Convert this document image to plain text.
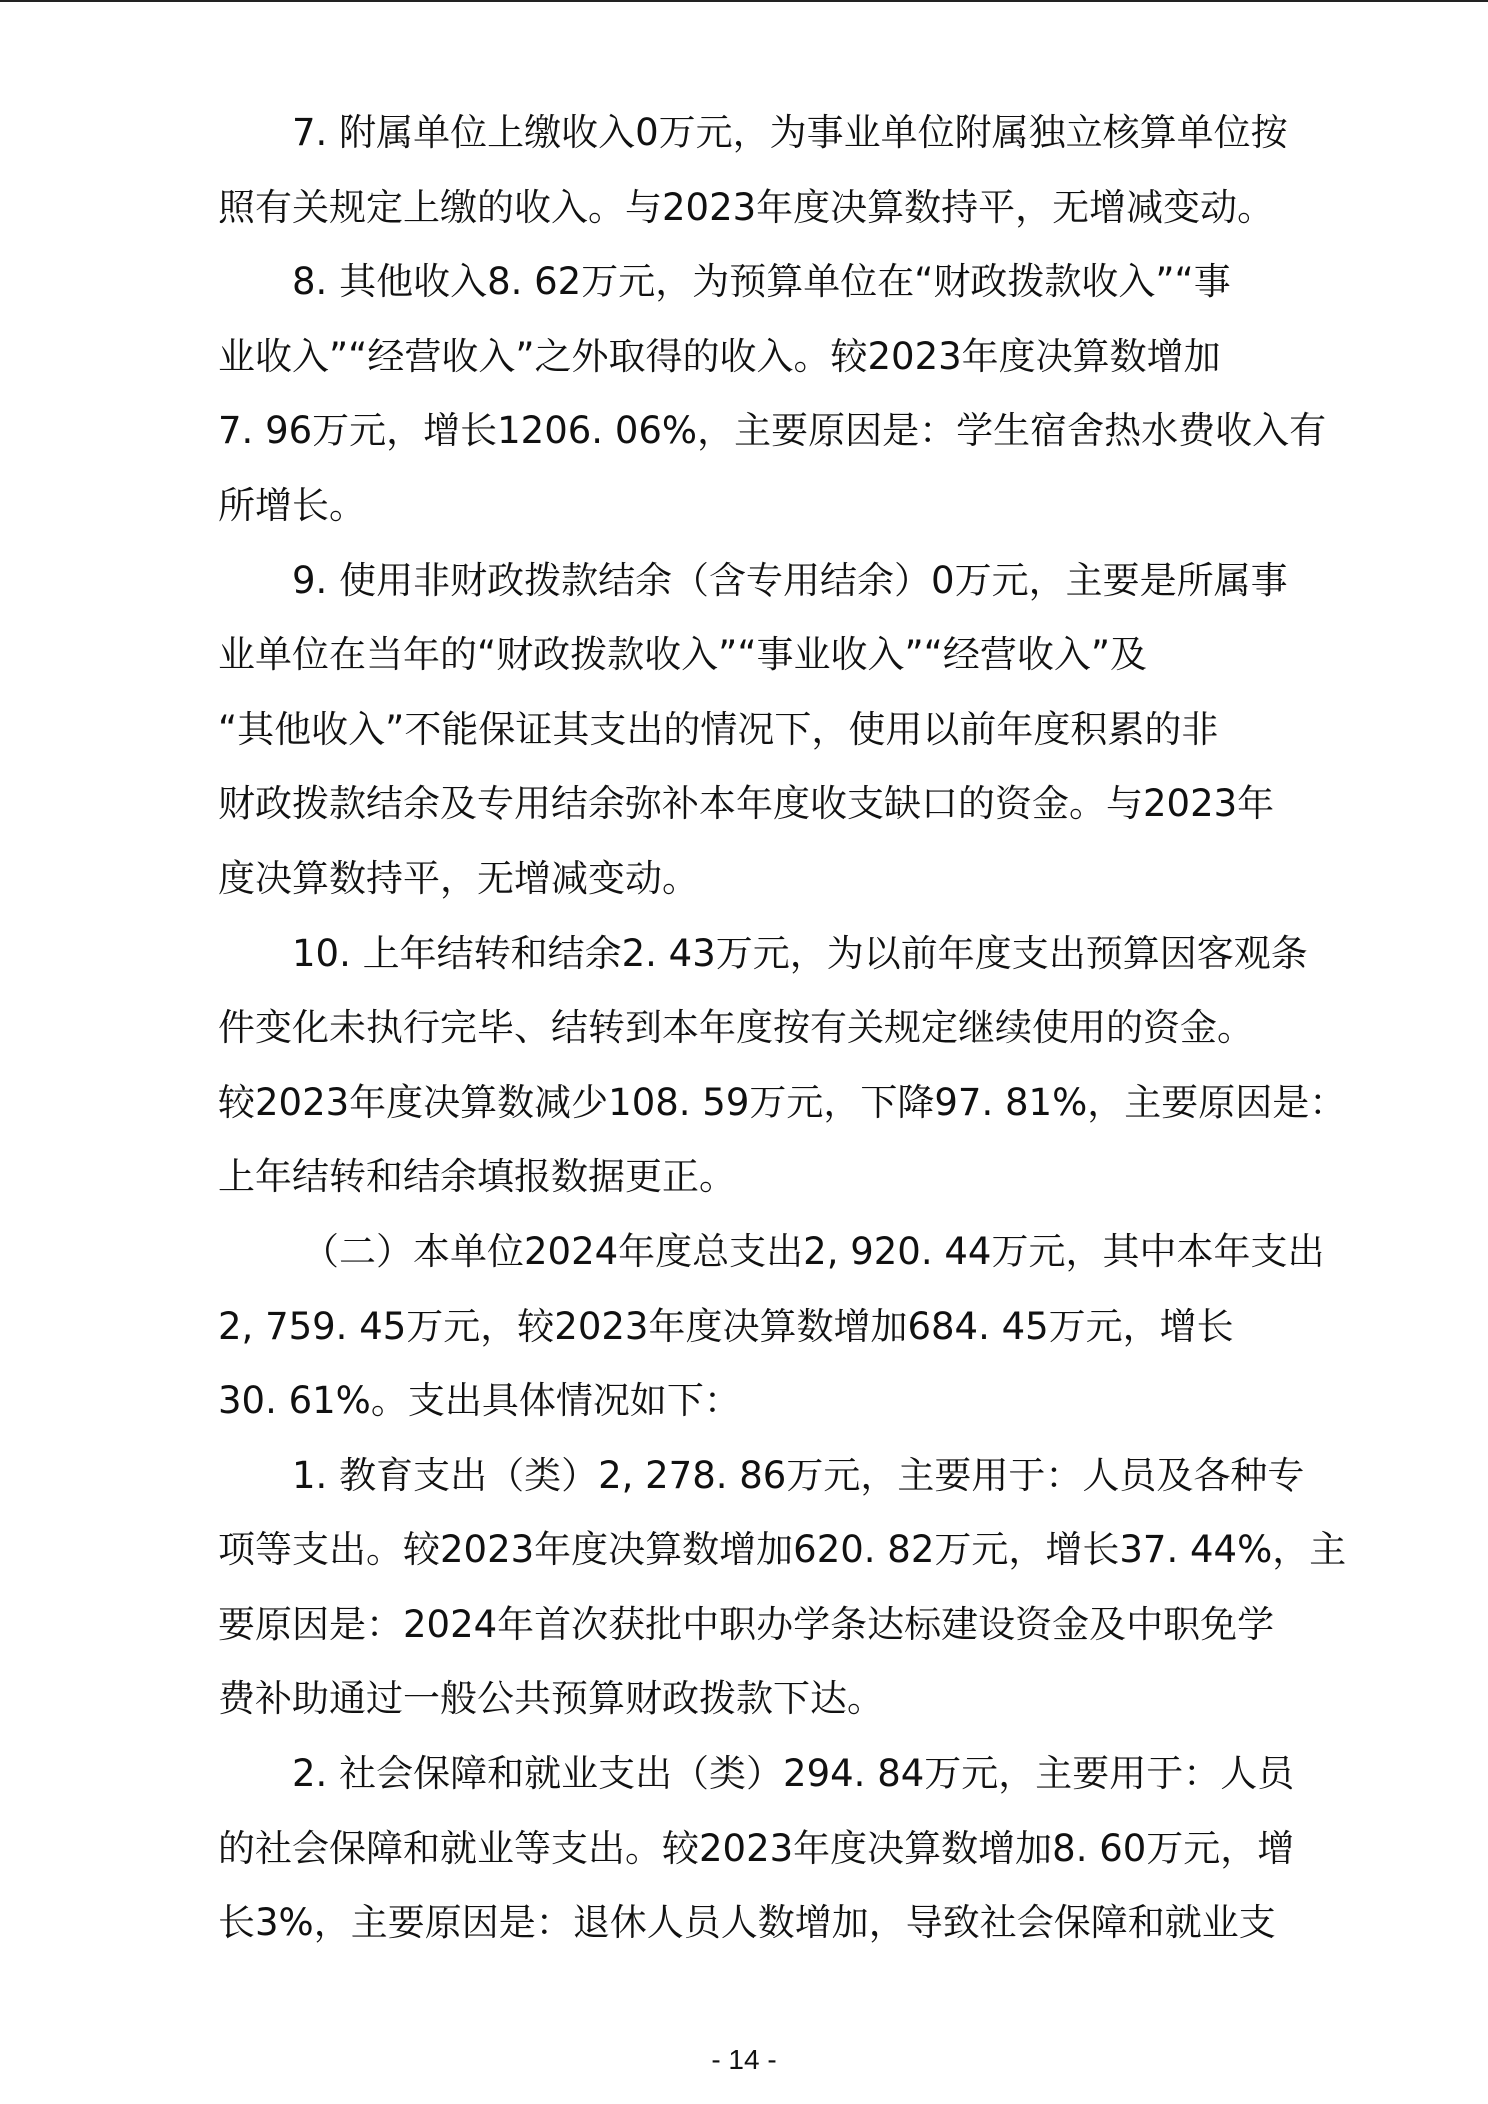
7. 附属单位上缴收入0万元，为事业单位附属独立核算单位按
照有关规定上缴的收入。与2023年度决算数持平，无增减变动。

8. 其他收入8. 62万元，为预算单位在“财政拨款收入”“事
业收入”“经营收入”之外取得的收入。较2023年度决算数增加
7. 96万元，增长1206. 06%，主要原因是：学生宿舍热水费收入有
所增长。

9. 使用非财政拨款结余（含专用结余）0万元，主要是所属事
业单位在当年的“财政拨款收入”“事业收入”“经营收入”及
“其他收入”不能保证其支出的情况下，使用以前年度积累的非
财政拨款结余及专用结余弥补本年度收支缺口的资金。与2023年
度决算数持平，无增减变动。

10. 上年结转和结余2. 43万元，为以前年度支出预算因客观条
件变化未执行完毕、结转到本年度按有关规定继续使用的资金。
较2023年度决算数减少108. 59万元，下降97. 81%，主要原因是：
上年结转和结余填报数据更正。

（二）本单位2024年度总支出2, 920. 44万元，其中本年支出
2, 759. 45万元，较2023年度决算数增加684. 45万元，增长
30. 61%。支出具体情况如下：

1. 教育支出（类）2, 278. 86万元，主要用于：人员及各种专
项等支出。较2023年度决算数增加620. 82万元，增长37. 44%，主
要原因是：2024年首次获批中职办学条达标建设资金及中职免学
费补助通过一般公共预算财政拨款下达。

2. 社会保障和就业支出（类）294. 84万元，主要用于：人员
的社会保障和就业等支出。较2023年度决算数增加8. 60万元，增
长3%，主要原因是：退休人员人数增加，导致社会保障和就业支

- 14 -
